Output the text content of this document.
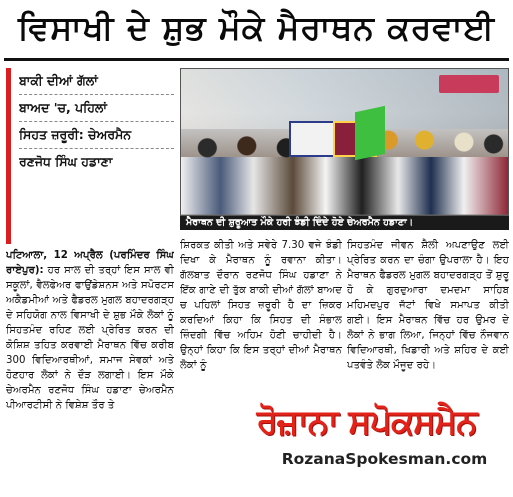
ਵਿਸਾਖੀ ਦੇ ਸ਼ੁਭ ਮੌਕੇ ਮੈਰਾਥਨ ਕਰਵਾਈ
ਬਾਕੀ ਦੀਆਂ ਗੱਲਾਂ
ਬਾਅਦ 'ਚ, ਪਹਿਲਾਂ
ਸਿਹਤ ਜ਼ਰੂਰੀ: ਚੇਅਰਮੈਨ
ਰਣਜੋਧ ਸਿੰਘ ਹਡਾਣਾ
ਮੈਰਾਥਨ ਦੀ ਸ਼ੁਰੂਆਤ ਮੌਕੇ ਹਰੀ ਝੰਡੀ ਦਿੰਦੇ ਹੋਏ ਚੇਅਰਮੈਨ ਹਡਾਣਾ।
ਪਟਿਆਲਾ, 12 ਅਪ੍ਰੈਲ (ਪਰਮਿੰਦਰ ਸਿੰਘ ਰਾਏਪੁਰ): ਹਰ ਸਾਲ ਦੀ ਤਰ੍ਹਾਂ ਇਸ ਸਾਲ ਵੀ ਸਕੂਲਾਂ, ਵੈਲਫੇਅਰ ਫਾਉਂਡੇਸ਼ਨਸ ਅਤੇ ਸਪੋਰਟਸ ਅਕੈਡਮੀਆਂ ਅਤੇ ਫੈਡਰਲ ਮੁਗਲ ਬਹਾਦਰਗੜ੍ਹ ਦੇ ਸਹਿਯੋਗ ਨਾਲ ਵਿਸਾਖੀ ਦੇ ਸ਼ੁਭ ਮੌਕੇ ਲੋਕਾਂ ਨੂੰ ਸਿਹਤਮੰਦ ਰਹਿਣ ਲਈ ਪ੍ਰੇਰਿਤ ਕਰਨ ਦੀ ਕੋਸ਼ਿਸ਼ ਤਹਿਤ ਕਰਵਾਈ ਮੈਰਾਥਨ ਵਿੱਚ ਕਰੀਬ 300 ਵਿਦਿਆਰਥੀਆਂ, ਸਮਾਜ ਸੇਵਕਾਂ ਅਤੇ ਹੋਣਹਾਰ ਲੋਕਾਂ ਨੇ ਦੌੜ ਲਗਾਈ। ਇਸ ਮੌਕੇ ਚੇਅਰਮੈਨ ਰਣਜੋਧ ਸਿੰਘ ਹਡਾਣਾ ਚੇਅਰਮੈਨ ਪੀਆਰਟੀਸੀ ਨੇ ਵਿਸ਼ੇਸ਼ ਤੌਰ ਤੇ
ਸ਼ਿਰਕਤ ਕੀਤੀ ਅਤੇ ਸਵੇਰੇ 7.30 ਵਜੇ ਝੰਡੀ ਦਿਖਾ ਕੇ ਮੈਰਾਥਨ ਨੂੰ ਰਵਾਨਾ ਕੀਤਾ। ਗੱਲਬਾਤ ਦੌਰਾਨ ਰਣਜੋਧ ਸਿੰਘ ਹਡਾਣਾ ਨੇ ਇੱਕ ਗਾਣੇ ਦੀ ਤੁੱਕ ਬਾਕੀ ਦੀਆਂ ਗੱਲਾਂ ਬਾਅਦ ਚ ਪਹਿਲਾਂ ਸਿਹਤ ਜ਼ਰੂਰੀ ਹੈ ਦਾ ਜ਼ਿਕਰ ਕਰਦਿਆਂ ਕਿਹਾ ਕਿ ਸਿਹਤ ਦੀ ਸੰਭਾਲ ਜ਼ਿੰਦਗੀ ਵਿੱਚ ਅਹਿਮ ਹੋਣੀ ਚਾਹੀਦੀ ਹੈ। ਉਨ੍ਹਾਂ ਕਿਹਾ ਕਿ ਇਸ ਤਰ੍ਹਾਂ ਦੀਆਂ ਮੈਰਾਥਨ ਲੋਕਾਂ ਨੂੰ
ਸਿਹਤਮੰਦ ਜੀਵਨ ਸ਼ੈਲੀ ਅਪਣਾਉਣ ਲਈ ਪ੍ਰੇਰਿਤ ਕਰਨ ਦਾ ਚੰਗਾ ਉਪਰਾਲਾ ਹੈ। ਇਹ ਮੈਰਾਥਨ ਫੈਡਰਲ ਮੁਗਲ ਬਹਾਦਰਗੜ੍ਹ ਤੋਂ ਸ਼ੁਰੂ ਹੋ ਕੇ ਗੁਰਦੁਆਰਾ ਦਮਦਮਾ ਸਾਹਿਬ ਮਹਿਮਦਪੁਰ ਜੱਟਾਂ ਵਿਖੇ ਸਮਾਪਤ ਕੀਤੀ ਗਈ। ਇਸ ਮੈਰਾਥਨ ਵਿੱਚ ਹਰ ਉਮਰ ਦੇ ਲੋਕਾਂ ਨੇ ਭਾਗ ਲਿਆ, ਜਿਨ੍ਹਾਂ ਵਿੱਚ ਨੌਜਵਾਨ ਵਿਦਿਆਰਥੀ, ਖਿਡਾਰੀ ਅਤੇ ਸ਼ਹਿਰ ਦੇ ਕਈ ਪਤਵੰਤੇ ਲੋਕ ਮੌਜੂਦ ਰਹੇ।
ਰੋਜ਼ਾਨਾ ਸਪੋਕਸਮੈਨ
RozanaSpokesman.com
